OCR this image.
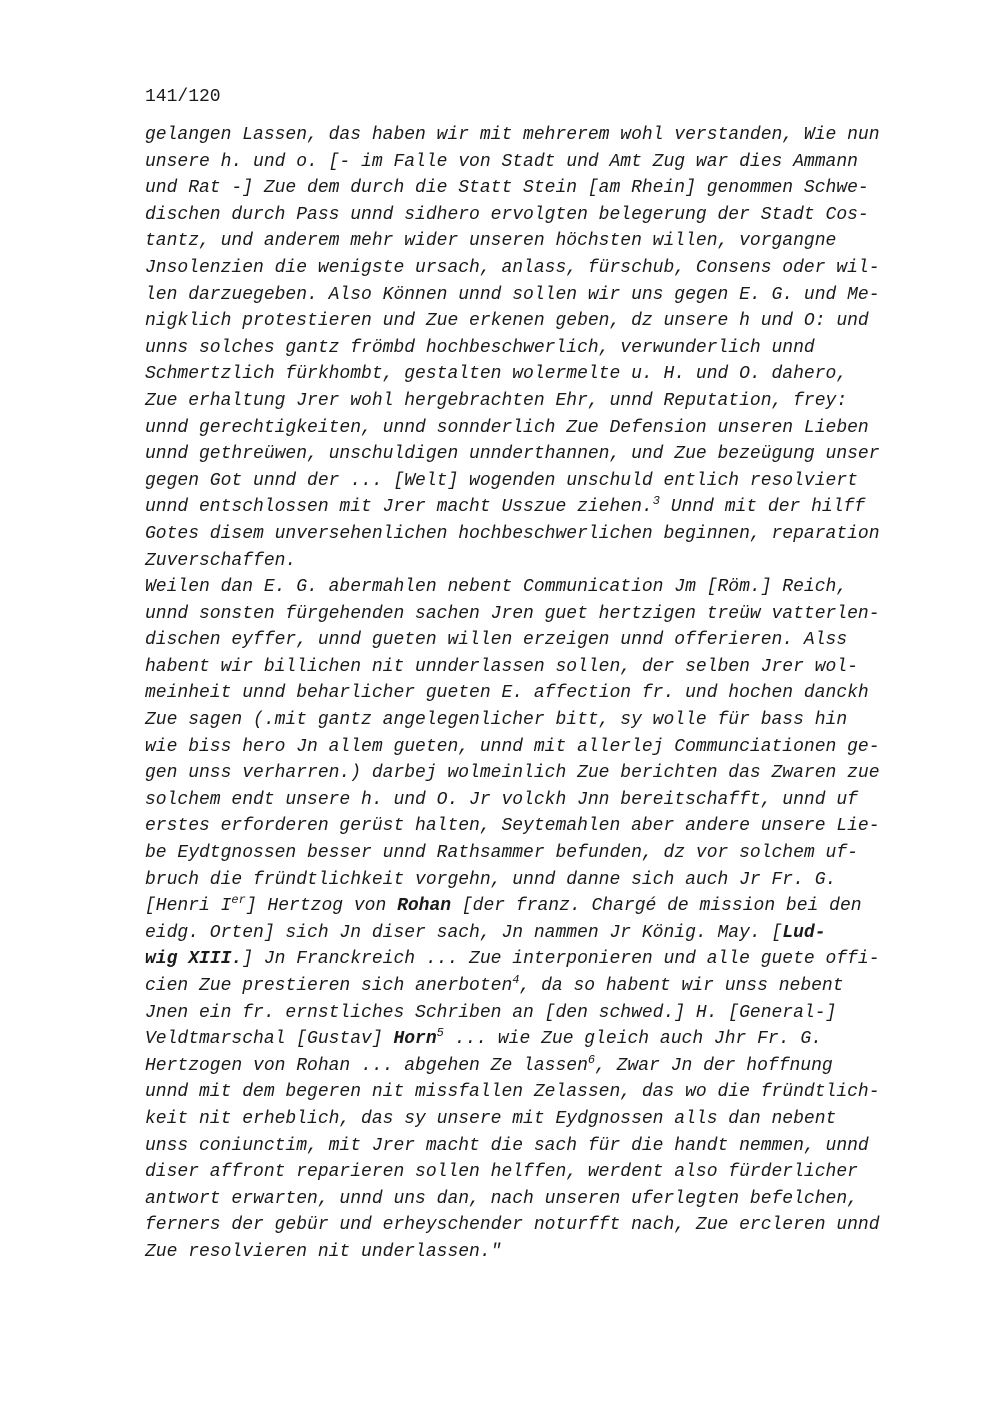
141/120
gelangen Lassen, das haben wir mit mehrerem wohl verstanden, Wie nun
unsere h. und o. [- im Falle von Stadt und Amt Zug war dies Ammann
und Rat -] Zue dem durch die Statt Stein [am Rhein] genommen Schwe-
dischen durch Pass unnd sidhero ervolgten belegerung der Stadt Cos-
tantz, und anderem mehr wider unseren höchsten willen, vorgangne
Jnsolenzien die wenigste ursach, anlass, fürschub, Consens oder wil-
len darzuegeben. Also Können unnd sollen wir uns gegen E. G. und Me-
nigklich protestieren und Zue erkenen geben, dz unsere h und O: und
unns solches gantz frömbd hochbeschwerlich, verwunderlich unnd
Schmertzlich fürkhombt, gestalten wolermelte u. H. und O. dahero,
Zue erhaltung Jrer wohl hergebrachten Ehr, unnd Reputation, frey:
unnd gerechtigkeiten, unnd sonnderlich Zue Defension unseren Lieben
unnd gethreüwen, unschuldigen unnderthannen, und Zue bezeügung unser
gegen Got unnd der ... [Welt] wogenden unschuld entlich resolviert
unnd entschlossen mit Jrer macht Usszue ziehen.$^3$ Unnd mit der hilff
Gotes disem unversehenlichen hochbeschwerlichen beginnen, reparation
Zuverschaffen.
Weilen dan E. G. abermahlen nebent Communication Jm [Röm.] Reich,
unnd sonsten fürgehenden sachen Jren guet hertzigen treüw vatterlen-
dischen eyffer, unnd gueten willen erzeigen unnd offerieren. Alss
habent wir billichen nit unnderlassen sollen, der selben Jrer wol-
meinheit unnd beharlicher gueten E. affection fr. und hochen danckh
Zue sagen (.mit gantz angelegenlicher bitt, sy wolle für bass hin
wie biss hero Jn allem gueten, unnd mit allerlej Communciationen ge-
gen unss verharren.) darbej wolmeinlich Zue berichten das Zwaren zue
solchem endt unsere h. und O. Jr volckh Jnn bereitschafft, unnd uf
erstes erforderen gerüst halten, Seytemahlen aber andere unsere Lie-
be Eydtgnossen besser unnd Rathsammer befunden, dz vor solchem uf-
bruch die fründtlichkeit vorgehn, unnd danne sich auch Jr Fr. G.
[Henri Ier] Hertzog von Rohan [der franz. Chargé de mission bei den
eidg. Orten] sich Jn diser sach, Jn nammen Jr König. May. [Lud-
wig XIII.] Jn Franckreich ... Zue interponieren und alle guete offi-
cien Zue prestieren sich anerboten$^4$, da so habent wir unss nebent
Jnen ein fr. ernstliches Schriben an [den schwed.] H. [General-]
Veldtmarschal [Gustav] Horn$^5$ ... wie Zue gleich auch Jhr Fr. G.
Hertzogen von Rohan ... abgehen Ze lassen$^6$, Zwar Jn der hoffnung
unnd mit dem begeren nit missfallen Zelassen, das wo die fründtlich-
keit nit erheblich, das sy unsere mit Eydgnossen alls dan nebent
unss coniunctim, mit Jrer macht die sach für die handt nemmen, unnd
diser affront reparieren sollen helffen, werdent also fürderlicher
antwort erwarten, unnd uns dan, nach unseren uferlegten befelchen,
ferners der gebür und erheyschender noturfft nach, Zue ercleren unnd
Zue resolvieren nit underlassen."
